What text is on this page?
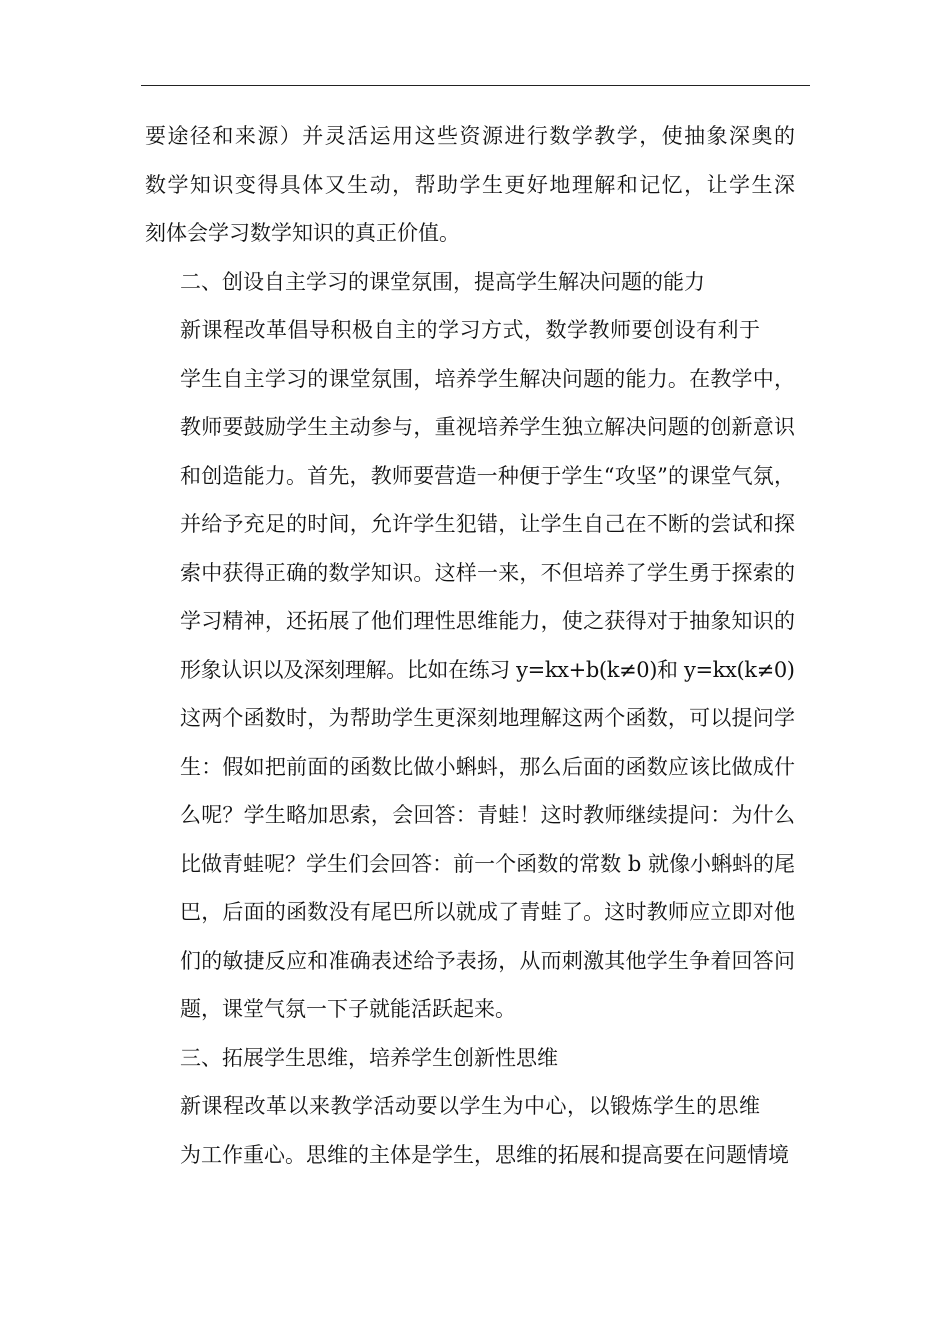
要途径和来源）并灵活运用这些资源进行数学教学，使抽象深奥的
数学知识变得具体又生动，帮助学生更好地理解和记忆，让学生深
刻体会学习数学知识的真正价值。

二、创设自主学习的课堂氛围，提高学生解决问题的能力

新课程改革倡导积极自主的学习方式，数学教师要创设有利于
学生自主学习的课堂氛围，培养学生解决问题的能力。在教学中，
教师要鼓励学生主动参与，重视培养学生独立解决问题的创新意识
和创造能力。首先，教师要营造一种便于学生“攻坚”的课堂气氛，
并给予充足的时间，允许学生犯错，让学生自己在不断的尝试和探
索中获得正确的数学知识。这样一来，不但培养了学生勇于探索的
学习精神，还拓展了他们理性思维能力，使之获得对于抽象知识的
形象认识以及深刻理解。比如在练习 y=kx+b(k≠0)和 y=kx(k≠0)
这两个函数时，为帮助学生更深刻地理解这两个函数，可以提问学
生：假如把前面的函数比做小蝌蚪，那么后面的函数应该比做成什
么呢？学生略加思索，会回答：青蛙！这时教师继续提问：为什么
比做青蛙呢？学生们会回答：前一个函数的常数 b 就像小蝌蚪的尾
巴，后面的函数没有尾巴所以就成了青蛙了。这时教师应立即对他
们的敏捷反应和准确表述给予表扬，从而刺激其他学生争着回答问
题，课堂气氛一下子就能活跃起来。

三、拓展学生思维，培养学生创新性思维

新课程改革以来教学活动要以学生为中心，以锻炼学生的思维
为工作重心。思维的主体是学生，思维的拓展和提高要在问题情境
